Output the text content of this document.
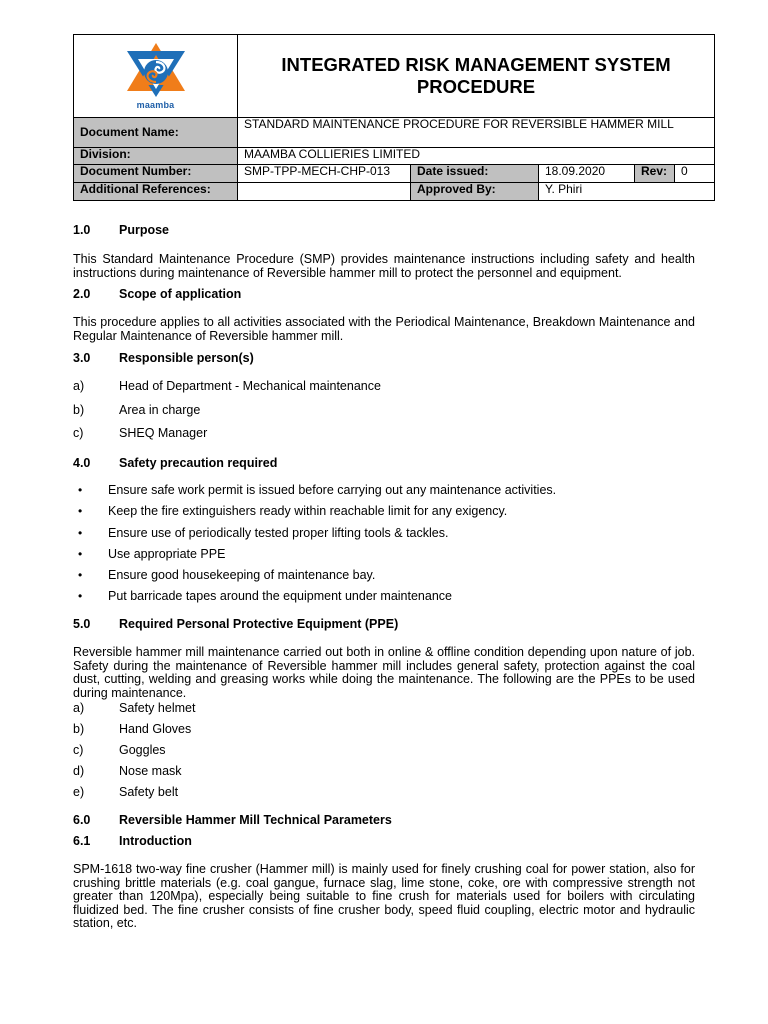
maamba	INTEGRATED RISK MANAGEMENT SYSTEM PROCEDURE				
Document Name:	STANDARD MAINTENANCE PROCEDURE FOR REVERSIBLE HAMMER MILL				
Division:	MAAMBA COLLIERIES LIMITED				
Document Number:	SMP-TPP-MECH-CHP-013	Date issued:	18.09.2020	Rev:	0
Additional References:		Approved By:	Y. Phiri		
1.0 Purpose
This Standard Maintenance Procedure (SMP) provides maintenance instructions including safety and health instructions during maintenance of Reversible hammer mill to protect the personnel and equipment.
2.0 Scope of application
This procedure applies to all activities associated with the Periodical Maintenance, Breakdown Maintenance and Regular Maintenance of Reversible hammer mill.
3.0 Responsible person(s)
a)	Head of Department - Mechanical maintenance
b)	Area in charge
c)	SHEQ Manager
4.0 Safety precaution required
• Ensure safe work permit is issued before carrying out any maintenance activities.
• Keep the fire extinguishers ready within reachable limit for any exigency.
• Ensure use of periodically tested proper lifting tools & tackles.
• Use appropriate PPE
• Ensure good housekeeping of maintenance bay.
• Put barricade tapes around the equipment under maintenance
5.0 Required Personal Protective Equipment (PPE)
Reversible hammer mill maintenance carried out both in online & offline condition depending upon nature of job. Safety during the maintenance of Reversible hammer mill includes general safety, protection against the coal dust, cutting, welding and greasing works while doing the maintenance. The following are the PPEs to be used during maintenance.
a)	Safety helmet
b)	Hand Gloves
c)	Goggles
d)	Nose mask
e)	Safety belt
6.0 Reversible Hammer Mill Technical Parameters
6.1 Introduction
SPM-1618 two-way fine crusher (Hammer mill) is mainly used for finely crushing coal for power station, also for crushing brittle materials (e.g. coal gangue, furnace slag, lime stone, coke, ore with compressive strength not greater than 120Mpa), especially being suitable to fine crush for materials used for boilers with circulating fluidized bed. The fine crusher consists of fine crusher body, speed fluid coupling, electric motor and hydraulic station, etc.
